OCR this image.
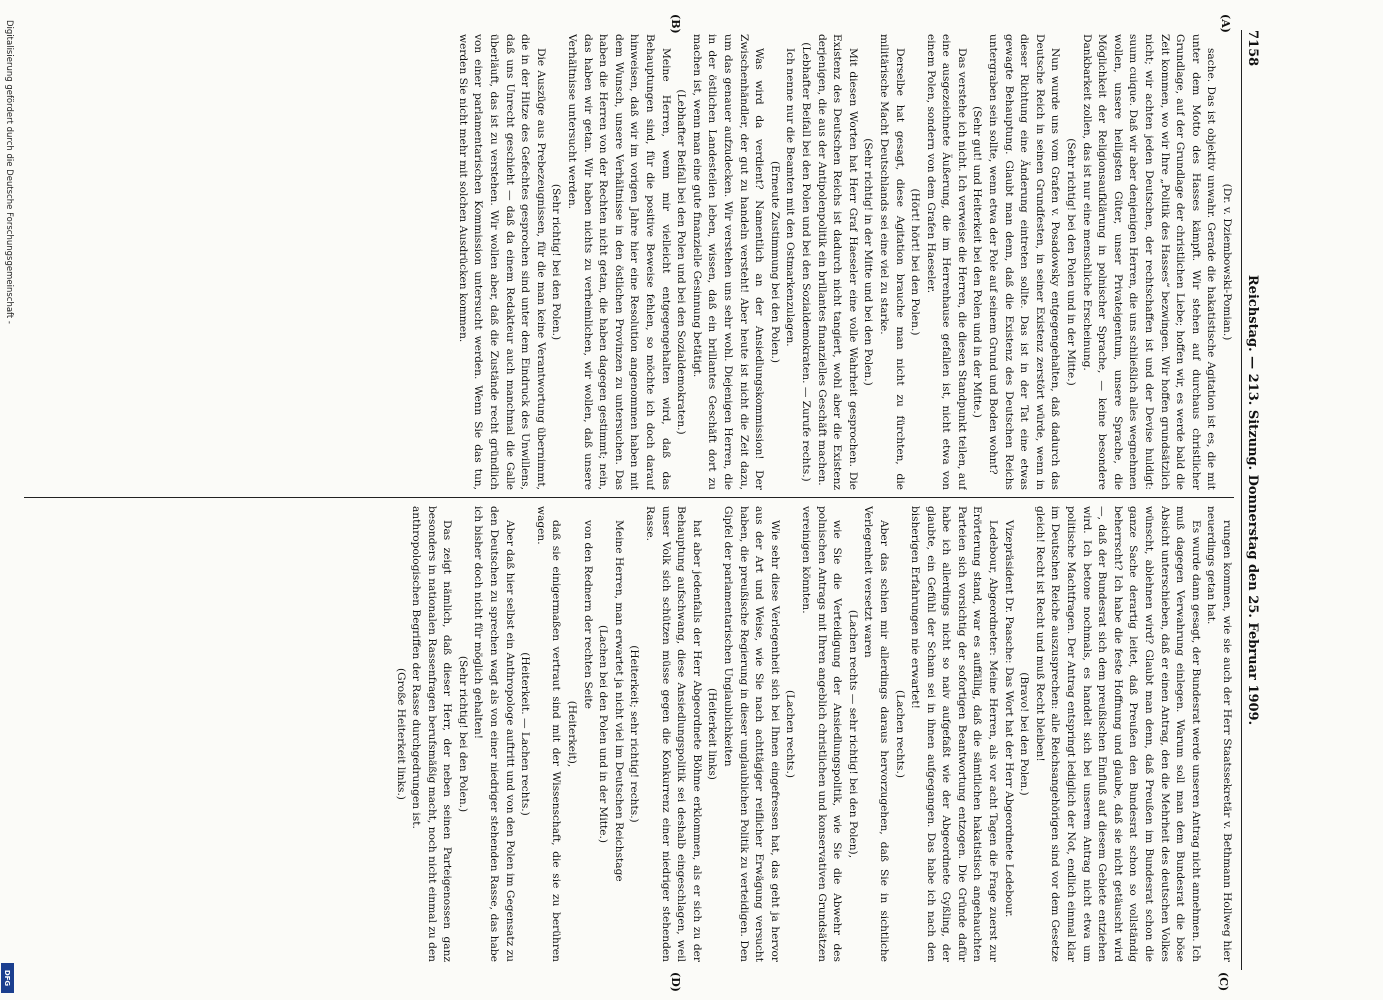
Digitalisierung gefördert durch die Deutsche Forschungsgemeinschaft -
DFG
7158
Reichstag. — 213. Sitzung. Donnerstag den 25. Februar 1909.
(A)
(B)
(C)
(D)

(Dr. v. Dziembowski-Pomian.)

sache. Das ist objektiv unwahr. Gerade die hakatistische Agitation ist es, die mit unter dem Motto des Hasses kämpft. Wir stehen auf durchaus christlicher Grundlage, auf der Grundlage der christlichen Liebe; hoffen wir, es werde bald die Zeit kommen, wo wir Ihre „Politik des Hasses“ bezwingen. Wir hoffen grundsätzlich nicht; wir achten jeden Deutschen, der rechtschaffen ist und der Devise huldigt: suum cuique. Daß wir aber denjenigen Herren, die uns schließlich alles wegnehmen wollen, unsere heiligsten Güter, unser Privateigentum, unsere Sprache, die Möglichkeit der Religionsaufklärung in polnischer Sprache, — keine besondere Dankbarkeit zollen, das ist nur eine menschliche Erscheinung.

(Sehr richtig! bei den Polen und in der Mitte.)

Nun wurde uns vom Grafen v. Posadowsky entgegengehalten, daß dadurch das Deutsche Reich in seinen Grundfesten, in seiner Existenz zerstört würde, wenn in dieser Richtung eine Änderung eintreten sollte. Das ist in der Tat eine etwas gewagte Behauptung. Glaubt man denn, daß die Existenz des Deutschen Reichs untergraben sein sollte, wenn etwa der Pole auf seinem Grund und Boden wohnt?

(Sehr gut! und Heiterkeit bei den Polen und in der Mitte.)

Das verstehe ich nicht. Ich verweise die Herren, die diesen Standpunkt teilen, auf eine ausgezeichnete Äußerung, die im Herrenhause gefallen ist, nicht etwa von einem Polen, sondern von dem Grafen Haeseler.

(Hört! hört! bei den Polen.)

Derselbe hat gesagt, diese Agitation brauche man nicht zu fürchten, die militärische Macht Deutschlands sei eine viel zu starke.

(Sehr richtig! in der Mitte und bei den Polen.)

Mit diesen Worten hat Herr Graf Haeseler eine volle Wahrheit gesprochen. Die Existenz des Deutschen Reichs ist dadurch nicht tangiert, wohl aber die Existenz derjenigen, die aus der Antipolenpolitik ein brillantes finanzielles Geschäft machen.

(Lebhafter Beifall bei den Polen und bei den Sozialdemokraten. — Zurufe rechts.)

Ich nenne nur die Beamten mit den Ostmarkenzulagen.

(Erneute Zustimmung bei den Polen.)

Was wird da verdient? Namentlich an der Ansiedlungskommission! Der Zwischenhändler, der gut zu handeln versteht! Aber heute ist nicht die Zeit dazu, um das genauer aufzudecken. Wir verstehen uns sehr wohl. Diejenigen Herren, die in der östlichen Landesteilen leben, wissen, daß ein brillantes Geschäft dort zu machen ist, wenn man eine gute finanzielle Gesinnung betätigt.

(Lebhafter Beifall bei den Polen und bei den Sozialdemokraten.)

Meine Herren, wenn mir vielleicht entgegengehalten wird, daß das Behauptungen sind, für die positive Beweise fehlen, so möchte ich doch darauf hinweisen, daß wir im vorigen Jahre hier eine Resolution angenommen haben mit dem Wunsch, unsere Verhältnisse in den östlichen Provinzen zu untersuchen. Das haben die Herren von der Rechten nicht getan, die haben dagegen gestimmt; nein, das haben wir getan. Wir haben nichts zu verheimlichen, wir wollen, daß unsere Verhältnisse untersucht werden.

(Sehr richtig! bei den Polen.)

Die Auszüge aus Prebezeugnissen, für die man keine Verantwortung übernimmt, die in der Hitze des Gefechtes gesprochen sind unter dem Eindruck des Unwillens, daß uns Unrecht geschieht — daß da einem Redakteur auch manchmal die Galle überläuft, das ist zu verstehen. Wir wollen aber, daß die Zustände recht gründlich von einer parlamentarischen Kommission untersucht werden. Wenn Sie das tun, werden Sie nicht mehr mit solchen Ausdrücken kommen.

rungen kommen, wie sie auch der Herr Staatssekretär v. Bethmann Hollweg hier neuerdings getan hat.

Es wurde dann gesagt, der Bundesrat werde unseren Antrag nicht annehmen. Ich muß dagegen Verwahrung einlegen. Warum soll man dem Bundesrat die böse Absicht unterschieben, daß er einen Antrag, den die Mehrheit des deutschen Volkes wünscht, ablehnen wird? Glaubt man denn, daß Preußen im Bundesrat schon die ganze Sache derartig leitet, daß Preußen den Bundesrat schon so vollständig beherrscht? Ich habe die feste Hoffnung und glaube, daß sie nicht getäuscht wird —, daß der Bundesrat sich dem preußischen Einfluß auf diesem Gebiete entziehen wird. Ich betone nochmals, es handelt sich bei unserem Antrag nicht etwa um politische Machtfragen. Der Antrag entspringt lediglich der Not, endlich einmal klar im Deutschen Reiche auszusprechen: alle Reichsangehörigen sind vor dem Gesetze gleich! Recht ist Recht und muß Recht bleiben!

(Bravo! bei den Polen.)

Vizepräsident Dr. Paasche: Das Wort hat der Herr Abgeordnete Ledebour.

Ledebour, Abgeordneter: Meine Herren, als vor acht Tagen die Frage zuerst zur Erörterung stand, war es auffällig, daß die sämtlichen hakatistisch angehauchten Parteien sich vorsichtig der sofortigen Beantwortung entzogen. Die Gründe dafür habe ich allerdings nicht so naiv aufgefaßt wie der Abgeordnete Gyßling, der glaubte, ein Gefühl der Scham sei in ihnen aufgegangen. Das habe ich nach den bisherigen Erfahrungen nie erwartet!

(Lachen rechts.)

Aber das schien mir allerdings daraus hervorzugehen, daß Sie in sichtliche Verlegenheit versetzt waren

(Lachen rechts — sehr richtig! bei den Polen),

wie Sie die Verteidigung der Ansiedlungspolitik, wie Sie die Abwehr des polnischen Antrags mit Ihren angeblich christlichen und konservativen Grundsätzen vereinigen könnten.

(Lachen rechts.)

Wie sehr diese Verlegenheit sich bei Ihnen eingefressen hat, das geht ja hervor aus der Art und Weise, wie Sie nach achttägiger reiflicher Erwägung versucht haben, die preußische Regierung in dieser unglaublichen Politik zu verteidigen. Den Gipfel der parlamentarischen Unglaublichkeiten

(Heiterkeit links)

hat aber jedenfalls der Herr Abgeordnete Böhme erklommen, als er sich zu der Behauptung aufschwang, diese Ansiedlungspolitik sei deshalb eingeschlagen, weil unser Volk sich schützen müsse gegen die Konkurrenz einer niedriger stehenden Rasse.

(Heiterkeit; sehr richtig! rechts.)

Meine Herren, man erwartet ja nicht viel im Deutschen Reichstage

(Lachen bei den Polen und in der Mitte.)

von den Rednern der rechten Seite

(Heiterkeit),

daß sie einigermaßen vertraut sind mit der Wissenschaft, die sie zu berühren wagen.

(Heiterkeit. — Lachen rechts.)

Aber daß hier selbst ein Anthropologe auftritt und von den Polen im Gegensatz zu den Deutschen zu sprechen wagt als von einer niedriger stehenden Rasse, das habe ich bisher doch nicht für möglich gehalten!

(Sehr richtig! bei den Polen.)

Das zeigt nämlich, daß dieser Herr, der neben seinen Parteigenossen ganz besonders in nationalen Rassenfragen berufsmäßig macht, noch nicht einmal zu den anthropologischen Begriffen der Rasse durchgedrungen ist.

(Große Heiterkeit links.)
